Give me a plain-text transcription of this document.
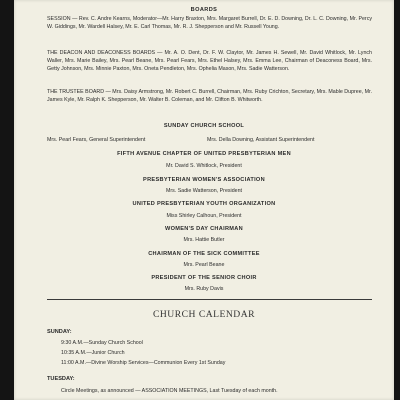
BOARDS

SESSION — Rev. C. Andre Kearns, Moderator—Mr. Harry Braxton, Mrs. Margaret Burrell, Dr. E. D. Downing, Dr. L. C. Downing, Mr. Percy W. Giddings, Mr. Wardell Halsey, Mr. E. Carl Thomas, Mr. R. J. Shepperson and Mr. Russell Young.

THE DEACON AND DEACONESS BOARDS — Mr. A. O. Dent, Dr. F. W. Claytor, Mr. James H. Sewell, Mr. David Whitlock, Mr. Lynch Waller, Mrs. Marie Bailey, Mrs. Pearl Beane, Mrs. Pearl Fears, Mrs. Ethel Halsey, Mrs. Emma Lee, Chairman of Deaconess Board, Mrs. Getty Johnson, Mrs. Minnie Paxton, Mrs. Oneta Pendleton, Mrs. Ophelia Mason, Mrs. Sadie Watterson.

THE TRUSTEE BOARD — Mrs. Daisy Armstrong, Mr. Robert C. Burrell, Chairman, Mrs. Ruby Crichton, Secretary, Mrs. Mable Dupree, Mr. James Kyle, Mr. Ralph K. Shepperson, Mr. Walter B. Coleman, and Mr. Clifton B. Whitworth.

SUNDAY CHURCH SCHOOL
Mrs. Pearl Fears, General Superintendent	Mrs. Della Downing, Assistant Superintendent
FIFTH AVENUE CHAPTER OF UNITED PRESBYTERIAN MEN
Mr. David S. Whitlock, President
PRESBYTERIAN WOMEN'S ASSOCIATION
Mrs. Sadie Watterson, President
UNITED PRESBYTERIAN YOUTH ORGANIZATION
Miss Shirley Calhoun, President
WOMEN'S DAY CHAIRMAN
Mrs. Hattie Butler
CHAIRMAN OF THE SICK COMMITTEE
Mrs. Pearl Beane
PRESIDENT OF THE SENIOR CHOIR
Mrs. Ruby Davis
CHURCH CALENDAR
SUNDAY:
9:30 A.M.—Sunday Church School
10:35 A.M.—Junior Church
11:00 A.M.—Divine Worship Services—Communion Every 1st Sunday
TUESDAY:
Circle Meetings, as announced — ASSOCIATION MEETINGS, Last Tuesday of each month.
